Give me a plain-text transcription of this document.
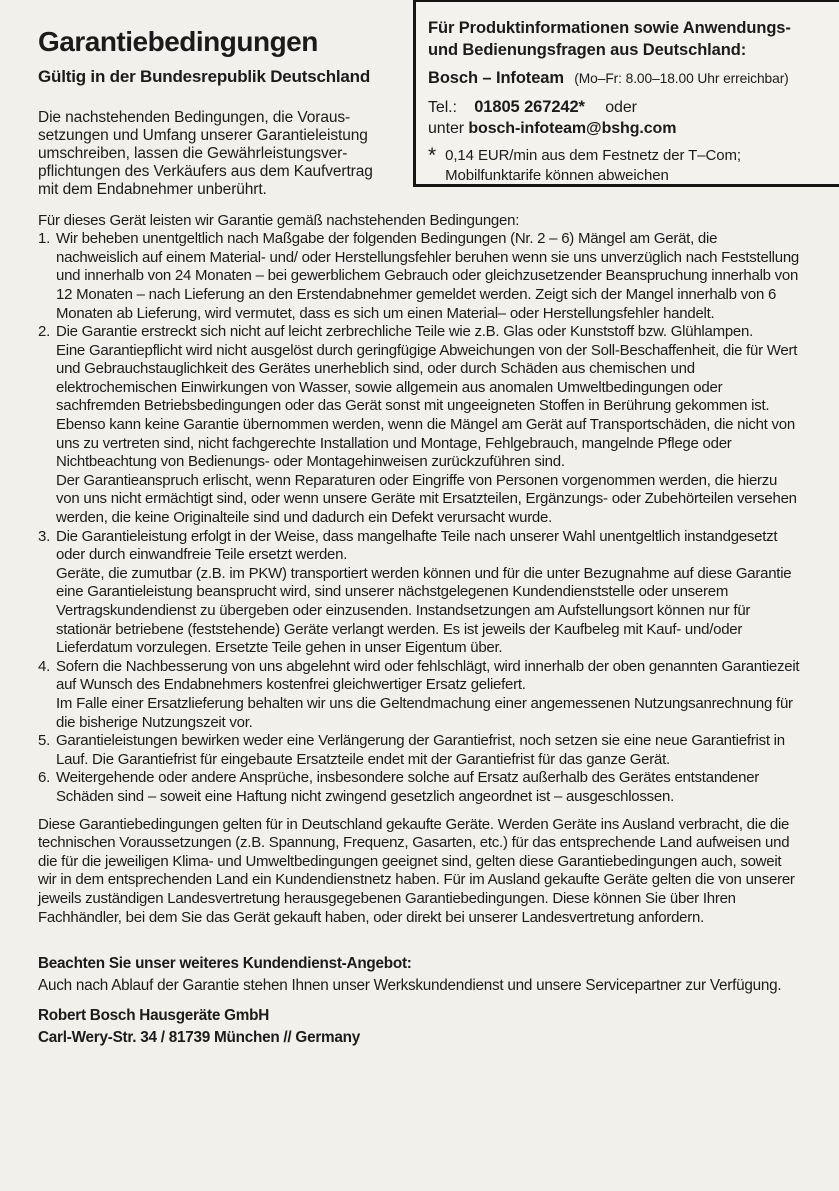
Garantiebedingungen
Gültig in der Bundesrepublik Deutschland
Die nachstehenden Bedingungen, die Voraus-
setzungen und Umfang unserer Garantieleistung
umschreiben, lassen die Gewährleistungsver-
pflichtungen des Verkäufers aus dem Kaufvertrag
mit dem Endabnehmer unberührt.

Für Produktinformationen sowie Anwendungs-
und Bedienungsfragen aus Deutschland:

Bosch – Infoteam (Mo–Fr: 8.00–18.00 Uhr erreichbar)

Tel.: 01805 267242* oder

unter bosch-infoteam@bshg.com

* 0,14 EUR/min aus dem Festnetz der T–Com;
Mobilfunktarife können abweichen

Für dieses Gerät leisten wir Garantie gemäß nachstehenden Bedingungen:

1. Wir beheben unentgeltlich nach Maßgabe der folgenden Bedingungen (Nr. 2 – 6) Mängel am Gerät, die nachweislich auf einem Material- und/ oder Herstellungsfehler beruhen wenn sie uns unverzüglich nach Feststellung und innerhalb von 24 Monaten – bei gewerblichem Gebrauch oder gleichzusetzender Beanspruchung innerhalb von 12 Monaten – nach Lieferung an den Erstendabnehmer gemeldet werden. Zeigt sich der Mangel innerhalb von 6 Monaten ab Lieferung, wird vermutet, dass es sich um einen Material– oder Herstellungsfehler handelt.

2. Die Garantie erstreckt sich nicht auf leicht zerbrechliche Teile wie z.B. Glas oder Kunststoff bzw. Glühlampen.

Eine Garantiepflicht wird nicht ausgelöst durch geringfügige Abweichungen von der Soll-Beschaffenheit, die für Wert und Gebrauchstauglichkeit des Gerätes unerheblich sind, oder durch Schäden aus chemischen und elektrochemischen Einwirkungen von Wasser, sowie allgemein aus anomalen Umweltbedingungen oder sachfremden Betriebsbedingungen oder das Gerät sonst mit ungeeigneten Stoffen in Berührung gekommen ist. Ebenso kann keine Garantie übernommen werden, wenn die Mängel am Gerät auf Transportschäden, die nicht von uns zu vertreten sind, nicht fachgerechte Installation und Montage, Fehlgebrauch, mangelnde Pflege oder Nichtbeachtung von Bedienungs- oder Montagehinweisen zurückzuführen sind.

Der Garantieanspruch erlischt, wenn Reparaturen oder Eingriffe von Personen vorgenommen werden, die hierzu von uns nicht ermächtigt sind, oder wenn unsere Geräte mit Ersatzteilen, Ergänzungs- oder Zubehörteilen versehen werden, die keine Originalteile sind und dadurch ein Defekt verursacht wurde.

3. Die Garantieleistung erfolgt in der Weise, dass mangelhafte Teile nach unserer Wahl unentgeltlich instandgesetzt oder durch einwandfreie Teile ersetzt werden.

Geräte, die zumutbar (z.B. im PKW) transportiert werden können und für die unter Bezugnahme auf diese Garantie eine Garantieleistung beansprucht wird, sind unserer nächstgelegenen Kundendienststelle oder unserem Vertragskundendienst zu übergeben oder einzusenden. Instandsetzungen am Aufstellungsort können nur für stationär betriebene (feststehende) Geräte verlangt werden. Es ist jeweils der Kaufbeleg mit Kauf- und/oder Lieferdatum vorzulegen. Ersetzte Teile gehen in unser Eigentum über.

4. Sofern die Nachbesserung von uns abgelehnt wird oder fehlschlägt, wird innerhalb der oben genannten Garantiezeit auf Wunsch des Endabnehmers kostenfrei gleichwertiger Ersatz geliefert.

Im Falle einer Ersatzlieferung behalten wir uns die Geltendmachung einer angemessenen Nutzungsanrechnung für die bisherige Nutzungszeit vor.

5. Garantieleistungen bewirken weder eine Verlängerung der Garantiefrist, noch setzen sie eine neue Garantiefrist in Lauf. Die Garantiefrist für eingebaute Ersatzteile endet mit der Garantiefrist für das ganze Gerät.

6. Weitergehende oder andere Ansprüche, insbesondere solche auf Ersatz außerhalb des Gerätes entstandener Schäden sind – soweit eine Haftung nicht zwingend gesetzlich angeordnet ist – ausgeschlossen.

Diese Garantiebedingungen gelten für in Deutschland gekaufte Geräte. Werden Geräte ins Ausland verbracht, die die technischen Voraussetzungen (z.B. Spannung, Frequenz, Gasarten, etc.) für das entsprechende Land aufweisen und die für die jeweiligen Klima- und Umweltbedingungen geeignet sind, gelten diese Garantiebedingungen auch, soweit wir in dem entsprechenden Land ein Kundendienstnetz haben. Für im Ausland gekaufte Geräte gelten die von unserer jeweils zuständigen Landesvertretung herausgegebenen Garantiebedingungen. Diese können Sie über Ihren Fachhändler, bei dem Sie das Gerät gekauft haben, oder direkt bei unserer Landesvertretung anfordern.

Beachten Sie unser weiteres Kundendienst-Angebot:

Auch nach Ablauf der Garantie stehen Ihnen unser Werkskundendienst und unsere Servicepartner zur Verfügung.

Robert Bosch Hausgeräte GmbH
Carl-Wery-Str. 34 / 81739 München // Germany
